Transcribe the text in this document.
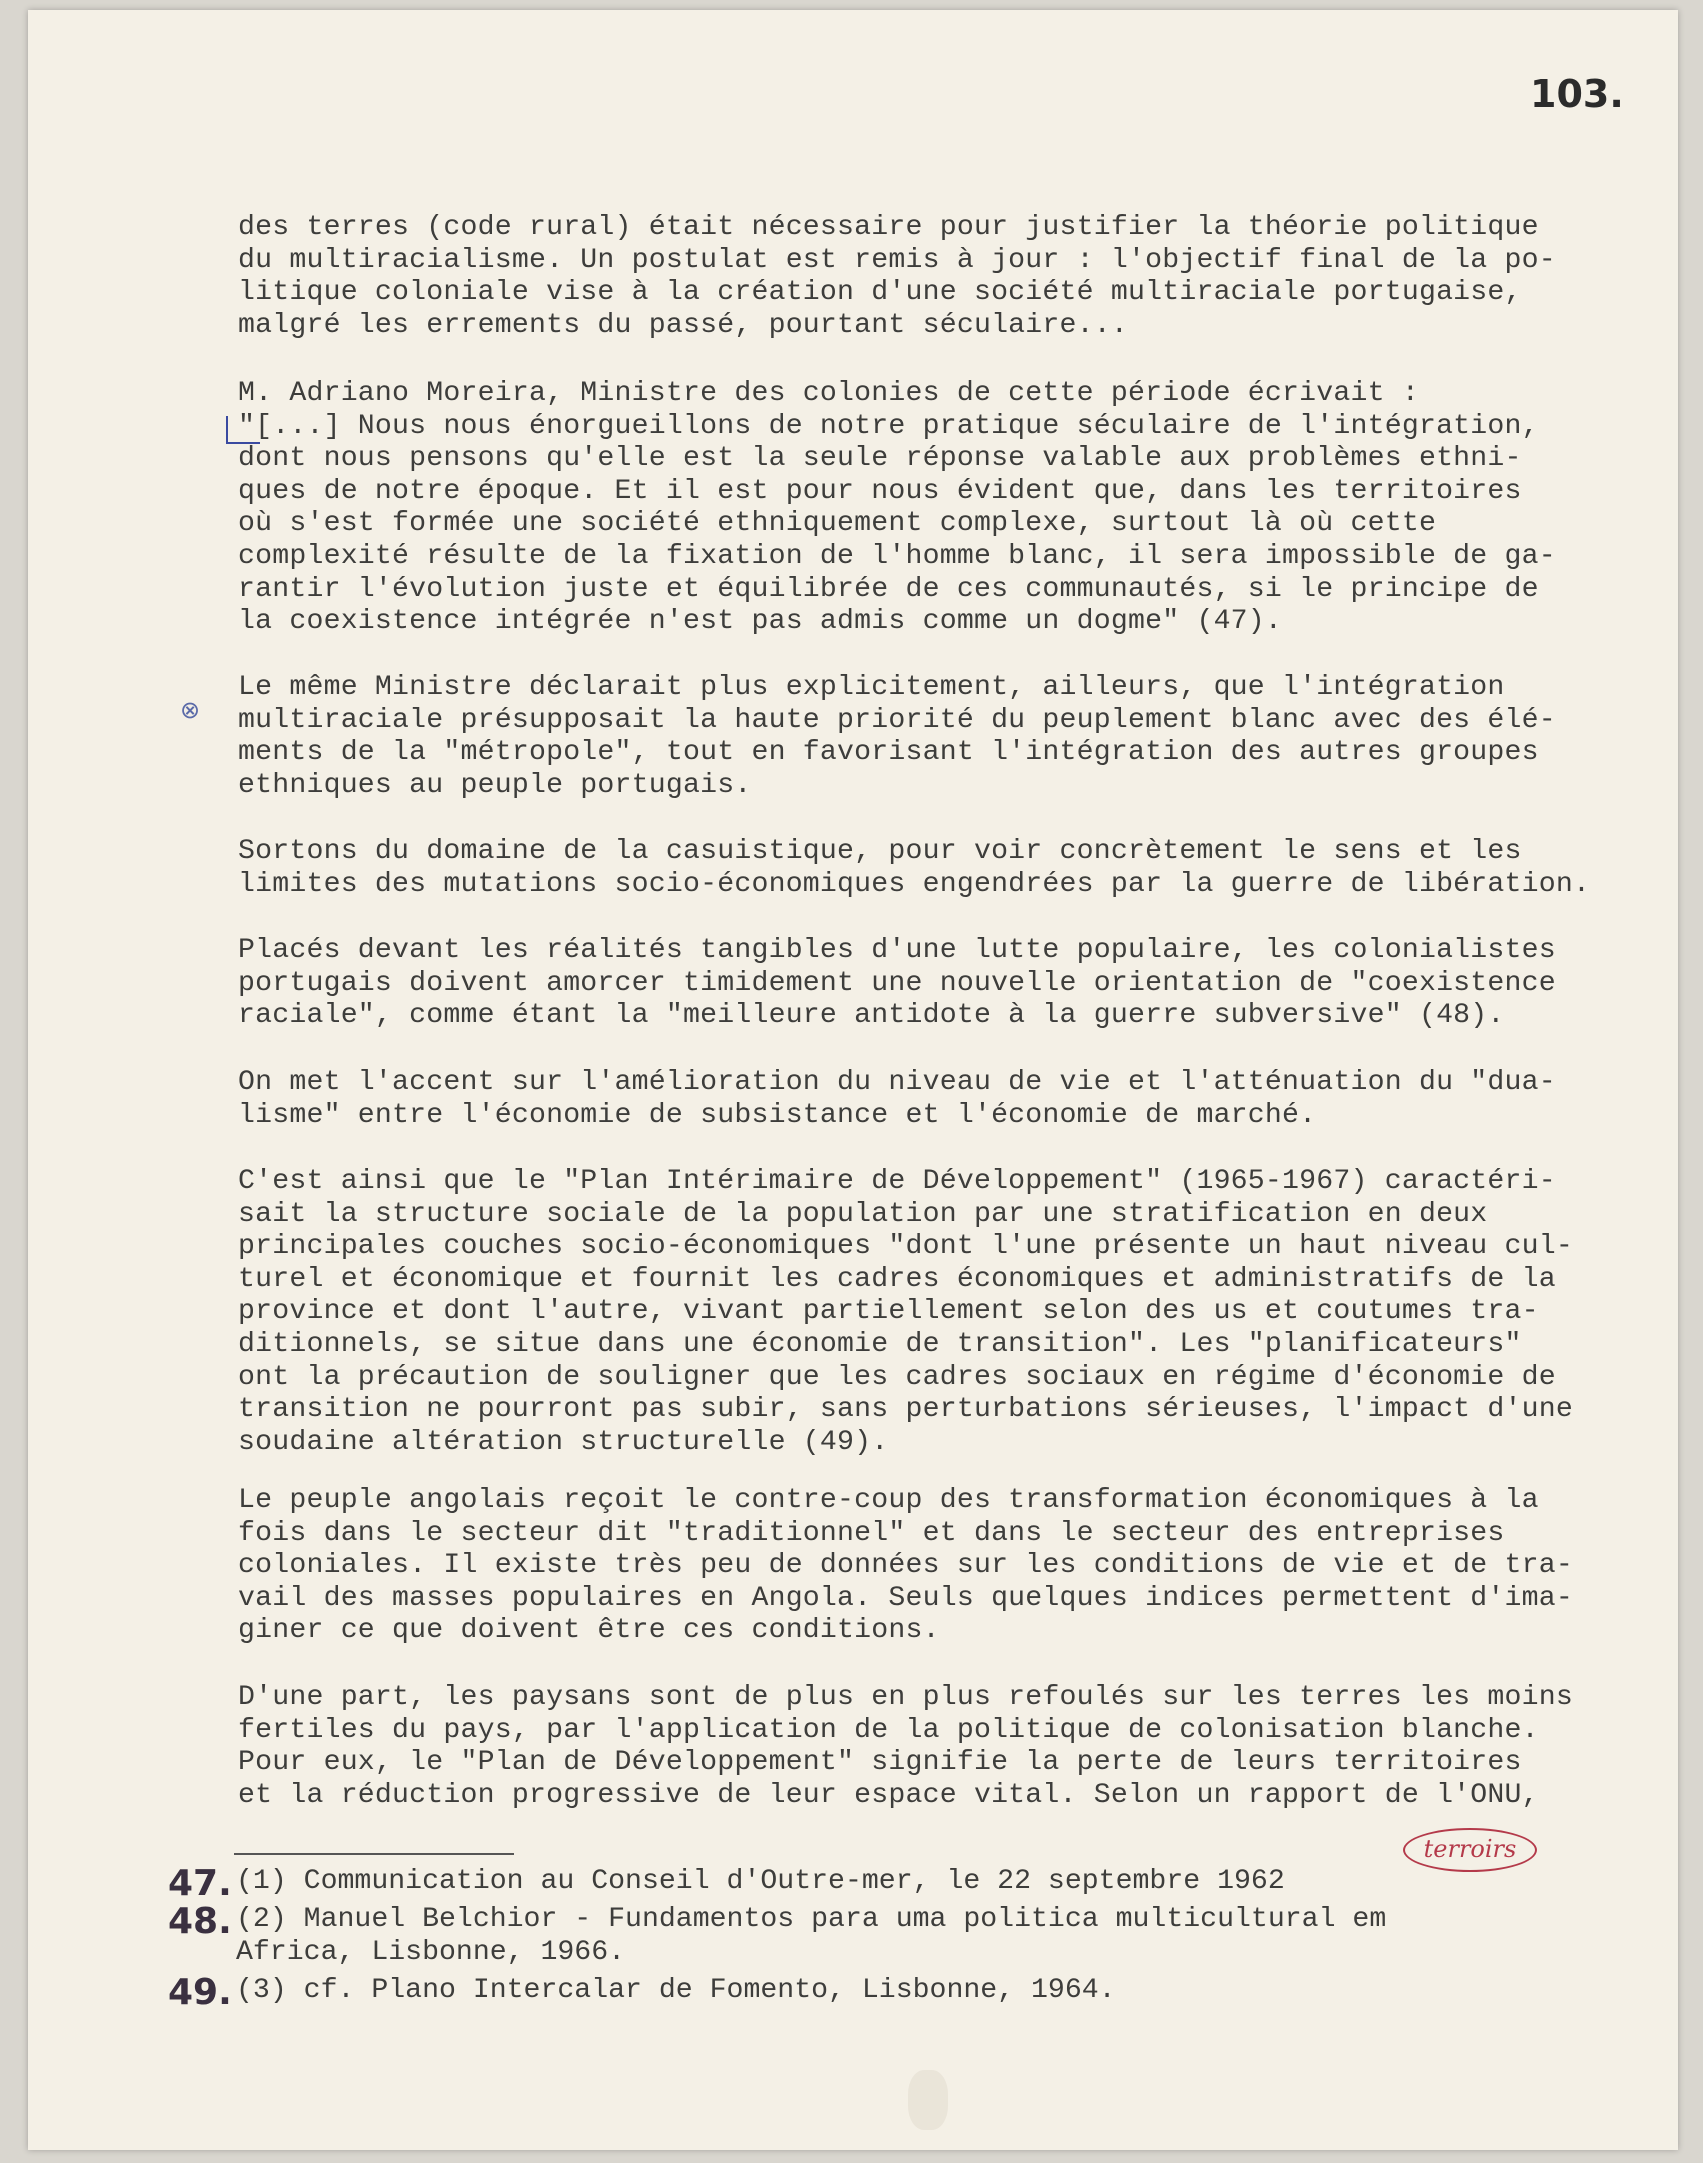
103.
⊗
des terres (code rural) était nécessaire pour justifier la théorie politique
du multiracialisme. Un postulat est remis à jour : l'objectif final de la po-
litique coloniale vise à la création d'une société multiraciale portugaise,
malgré les errements du passé, pourtant séculaire...
M. Adriano Moreira, Ministre des colonies de cette période écrivait :
"[...] Nous nous énorgueillons de notre pratique séculaire de l'intégration,
dont nous pensons qu'elle est la seule réponse valable aux problèmes ethni-
ques de notre époque. Et il est pour nous évident que, dans les territoires
où s'est formée une société ethniquement complexe, surtout là où cette
complexité résulte de la fixation de l'homme blanc, il sera impossible de ga-
rantir l'évolution juste et équilibrée de ces communautés, si le principe de
la coexistence intégrée n'est pas admis comme un dogme" (47).
Le même Ministre déclarait plus explicitement, ailleurs, que l'intégration
multiraciale présupposait la haute priorité du peuplement blanc avec des élé-
ments de la "métropole", tout en favorisant l'intégration des autres groupes
ethniques au peuple portugais.
Sortons du domaine de la casuistique, pour voir concrètement le sens et les
limites des mutations socio-économiques engendrées par la guerre de libération.
Placés devant les réalités tangibles d'une lutte populaire, les colonialistes
portugais doivent amorcer timidement une nouvelle orientation de "coexistence
raciale", comme étant la "meilleure antidote à la guerre subversive" (48).
On met l'accent sur l'amélioration du niveau de vie et l'atténuation du "dua-
lisme" entre l'économie de subsistance et l'économie de marché.
C'est ainsi que le "Plan Intérimaire de Développement" (1965-1967) caractéri-
sait la structure sociale de la population par une stratification en deux
principales couches socio-économiques "dont l'une présente un haut niveau cul-
turel et économique et fournit les cadres économiques et administratifs de la
province et dont l'autre, vivant partiellement selon des us et coutumes tra-
ditionnels, se situe dans une économie de transition". Les "planificateurs"
ont la précaution de souligner que les cadres sociaux en régime d'économie de
transition ne pourront pas subir, sans perturbations sérieuses, l'impact d'une
soudaine altération structurelle (49).
Le peuple angolais reçoit le contre-coup des transformation économiques à la
fois dans le secteur dit "traditionnel" et dans le secteur des entreprises
coloniales. Il existe très peu de données sur les conditions de vie et de tra-
vail des masses populaires en Angola. Seuls quelques indices permettent d'ima-
giner ce que doivent être ces conditions.
D'une part, les paysans sont de plus en plus refoulés sur les terres les moins
fertiles du pays, par l'application de la politique de colonisation blanche.
Pour eux, le "Plan de Développement" signifie la perte de leurs territoires
et la réduction progressive de leur espace vital. Selon un rapport de l'ONU,
terroirs
47. (1) Communication au Conseil d'Outre-mer, le 22 septembre 1962
48. (2) Manuel Belchior - Fundamentos para uma politica multicultural em
Africa, Lisbonne, 1966.
49. (3) cf. Plano Intercalar de Fomento, Lisbonne, 1964.
